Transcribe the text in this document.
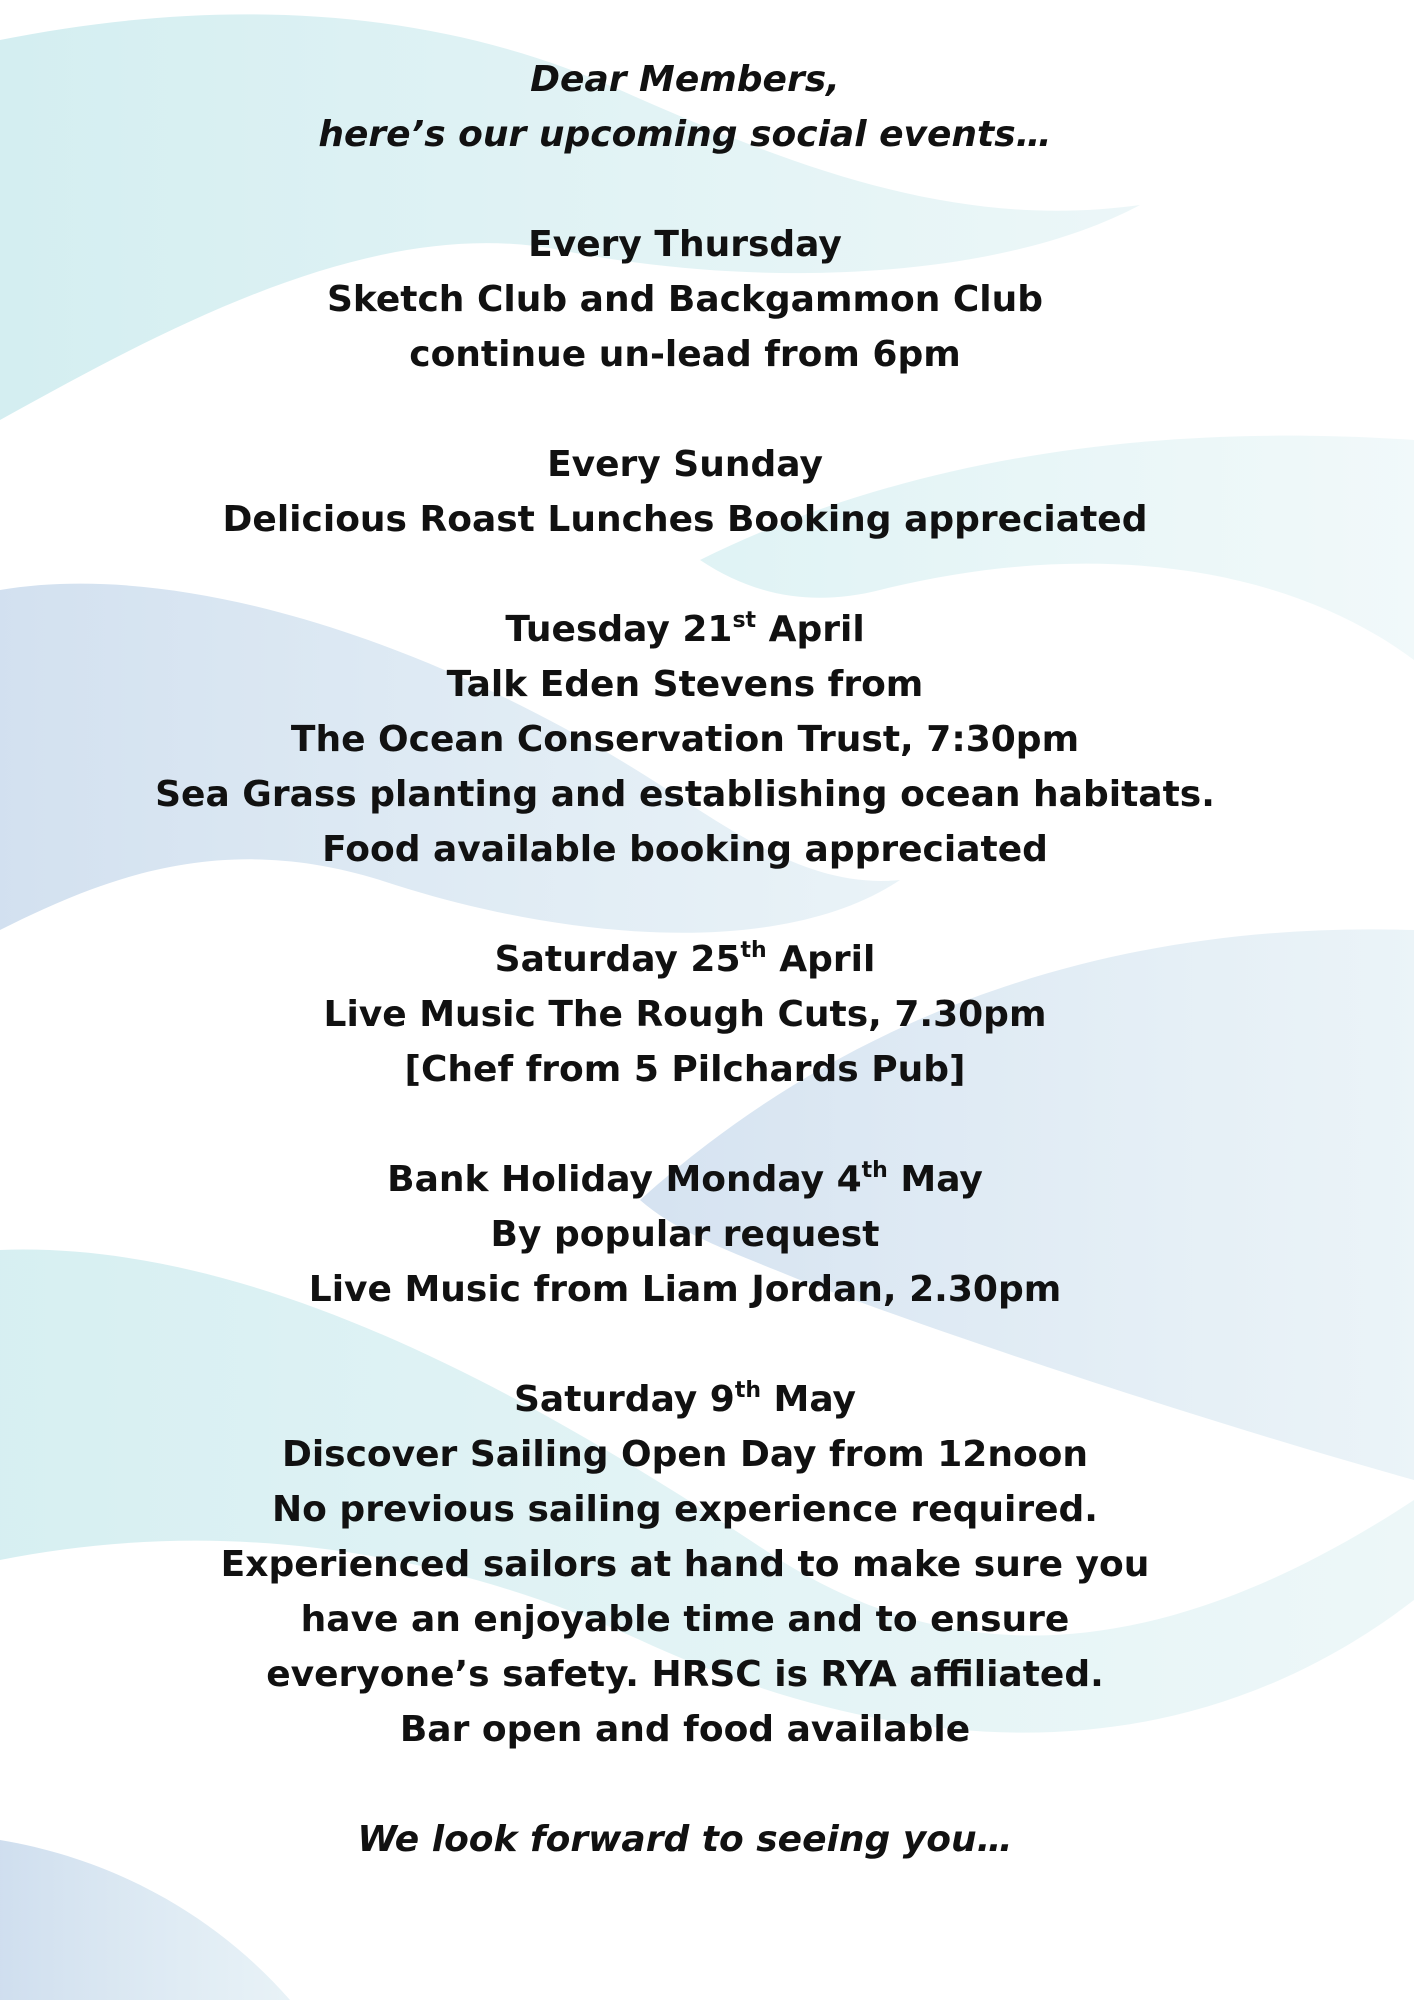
Dear Members,
here’s our upcoming social events…
Every Thursday
Sketch Club and Backgammon Club
continue un-lead from 6pm
Every Sunday
Delicious Roast Lunches Booking appreciated
Tuesday 21st April
Talk Eden Stevens from
The Ocean Conservation Trust, 7:30pm
Sea Grass planting and establishing ocean habitats.
Food available booking appreciated
Saturday 25th April
Live Music The Rough Cuts, 7.30pm
[Chef from 5 Pilchards Pub]
Bank Holiday Monday 4th May
By popular request
Live Music from Liam Jordan, 2.30pm
Saturday 9th May
Discover Sailing Open Day from 12noon
No previous sailing experience required.
Experienced sailors at hand to make sure you
have an enjoyable time and to ensure
everyone’s safety. HRSC is RYA affiliated.
Bar open and food available
We look forward to seeing you…
